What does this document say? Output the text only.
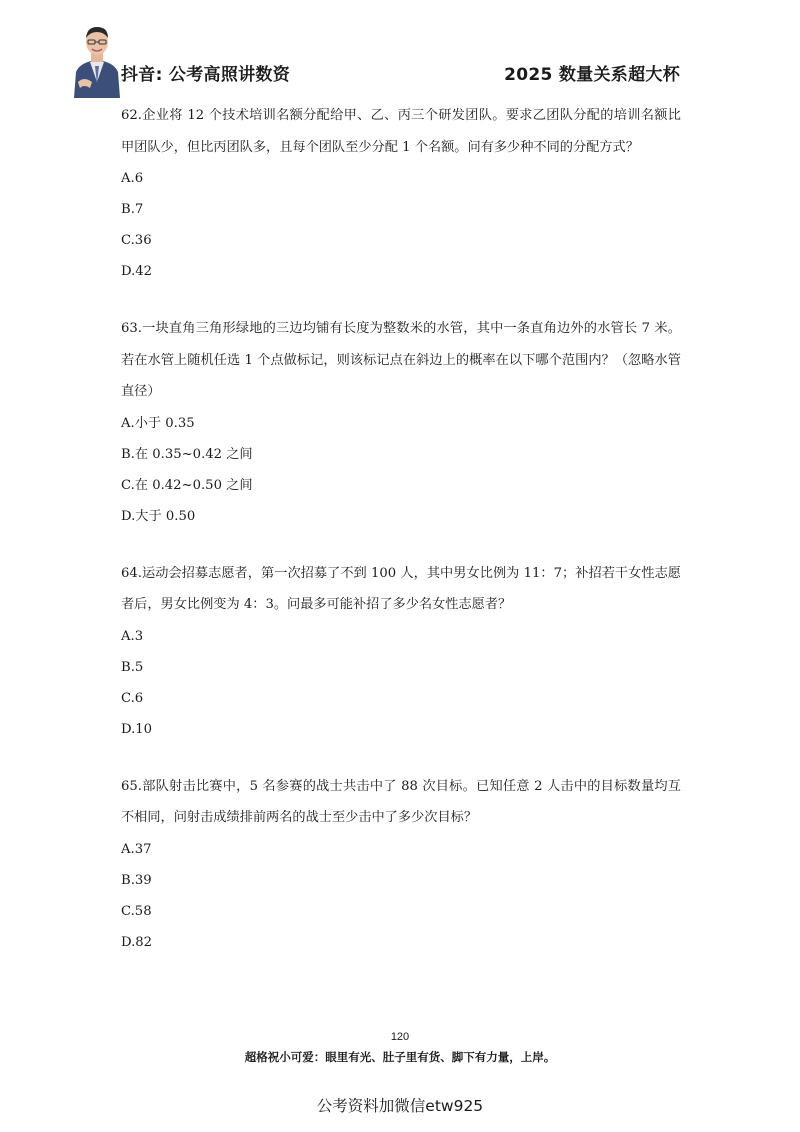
抖音: 公考高照讲数资	2025 数量关系超大杯

62.企业将 12 个技术培训名额分配给甲、乙、丙三个研发团队。要求乙团队分配的培训名额比甲团队少，但比丙团队多，且每个团队至少分配 1 个名额。问有多少种不同的分配方式？

A.6

B.7

C.36

D.42

63.一块直角三角形绿地的三边均铺有长度为整数米的水管，其中一条直角边外的水管长 7 米。若在水管上随机任选 1 个点做标记，则该标记点在斜边上的概率在以下哪个范围内？（忽略水管直径）

A.小于 0.35

B.在 0.35~0.42 之间

C.在 0.42~0.50 之间

D.大于 0.50

64.运动会招募志愿者，第一次招募了不到 100 人，其中男女比例为 11：7；补招若干女性志愿者后，男女比例变为 4：3。问最多可能补招了多少名女性志愿者？

A.3

B.5

C.6

D.10

65.部队射击比赛中，5 名参赛的战士共击中了 88 次目标。已知任意 2 人击中的目标数量均互不相同，问射击成绩排前两名的战士至少击中了多少次目标？

A.37

B.39

C.58

D.82

120
超格祝小可爱：眼里有光、肚子里有货、脚下有力量，上岸。
公考资料加微信etw925
